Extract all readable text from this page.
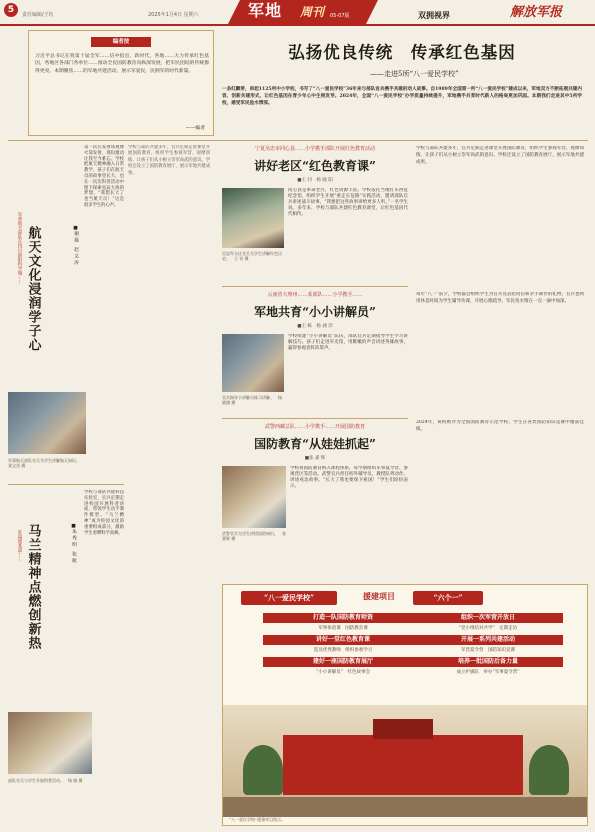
5	责任编辑/王钰	2025年1月4日 星期六	军地 周刊 05-07版	双拥视界	解放军报
编者按
习近平总书记在致第十届全军……信中指出，新时代，各地……大力传承红色基因，各地区各部门各单位……推动全民国防教育向纵深发展，把军民团结的传统擦得更亮。本期聚焦……的军地共建活动，展示军爱民、民拥军的时代新篇。
——编者
弘扬优良传统　传承红色基因
——走进5所“八一爱民学校”
一条红飘带，串起1125所中小学校，书写了“八一爱民学校”36年来与部队官兵携手共建的动人故事。自1989年全国第一所“八一爱民学校”建成以来，军地双方不断拓展共建内容、创新共建形式，让红色基因在青少年心中生根发芽。2024年，全国“八一爱民学校”办学质量持续提升，军地携手共育时代新人的格局更加巩固。本期我们走进其中5所学校，感受军民鱼水情深。
军事航天部队在四川绵阳科学城…… 航天文化浸润学子心	■谢 磊　赵 文 涛
第一次在发射场观摩火箭发射，那份激动让我至今难忘。学校把航天精神融入日常教学，孩子们在航天员的故事里长大，也在一次次科普活动中埋下探索星辰大海的梦想。“我想长大了也当航天员！”这是很多学生的心声。
军事航天部队官兵为学生讲解航天知识。　张宝良 摄
驻福建某部…… 马兰精神点燃创新热	■朱 秀 明　张 航
学校与部队共建科技实验室，官兵定期走进校园开展科普讲座，带领学生动手制作模型。“马兰精神”成为校园文化的重要组成部分，激励学生勇攀科学高峰。
部队官兵与学生开展科普活动。　杨 晓 摄
学校与部队共建多年，官兵定期走进课堂开展国防教育，组织学生参观军营、观摩训练，让孩子们从小树立崇军尚武的意识。学校还设立了国防教育展厅，展示军地共建成果。
宁夏吴忠市同心县……小学携手部队开展红色教育活动
讲好老区“红色教育课”
■王 钊　杨 晓 阳
吴忠军分区官兵为学生讲解红色历史。　王 钊 摄
同心县是革命老区，红色资源丰富。学校依托当地红军西征纪念馆，组织学生开展“重走长征路”实践活动，邀请部队官兵讲述战斗故事。“我要把这些故事讲给更多人听。”一名学生说。多年来，学校与部队共建红色教育课堂，让红色基因代代相传。
云南省大理州……某部队……小学携手……
军地共育“小小讲解员”
■王 栋　杨 涵 洋
官兵指导小讲解员练习讲解。　杨晓涵 摄
学校组建“小小讲解员”队伍，部队官兵定期指导学生学习讲解技巧。孩子们走进军史馆，用稚嫩的声音讲述英雄故事，赢得参观者阵阵掌声。
武警西藏总队……小学携手……开展国防教育
国防教育“从娃娃抓起”
■张 嘉 辉
武警官兵为学生讲授国防知识。　张嘉辉 摄
学校将国防教育纳入课程体系，每学期组织军事夏令营、参观营区等活动。武警官兵担任校外辅导员，教授队列动作，讲述戍边故事。“长大了我也要保卫祖国！”学生们纷纷表示。
学校与部队共建多年，官兵定期走进课堂开展国防教育，组织学生参观军营、观摩训练，让孩子们从小树立崇军尚武的意识。学校还设立了国防教育展厅，展示军地共建成果。
每年“八一”前夕，学校都会组织学生为官兵送去慰问信和亲手制作的礼物。官兵也利用休息时间为学生辅导功课，开展心理疏导，军民鱼水情在一点一滴中加深。
2024年，该校被评为全国国防教育示范学校，学生在各类国防知识竞赛中屡获佳绩。
“八一爱民学校”	援建项目	“六个一”
打造一队国防教育师资
军事体验课　国防教育课
讲好一堂红色教育课
选送优秀教师　组织参观学习
建好一座国防教育展厅
“小小讲解员”　红色故事会
组织一次军营开放日
“党小组结对共学”　定期走访
开展一系列共建活动
军营夏令营　国防知识竞赛
培养一批国防后备力量
成立护旗队　举办“军事夏令营”
“八一爱民学校”援建项目图示。
